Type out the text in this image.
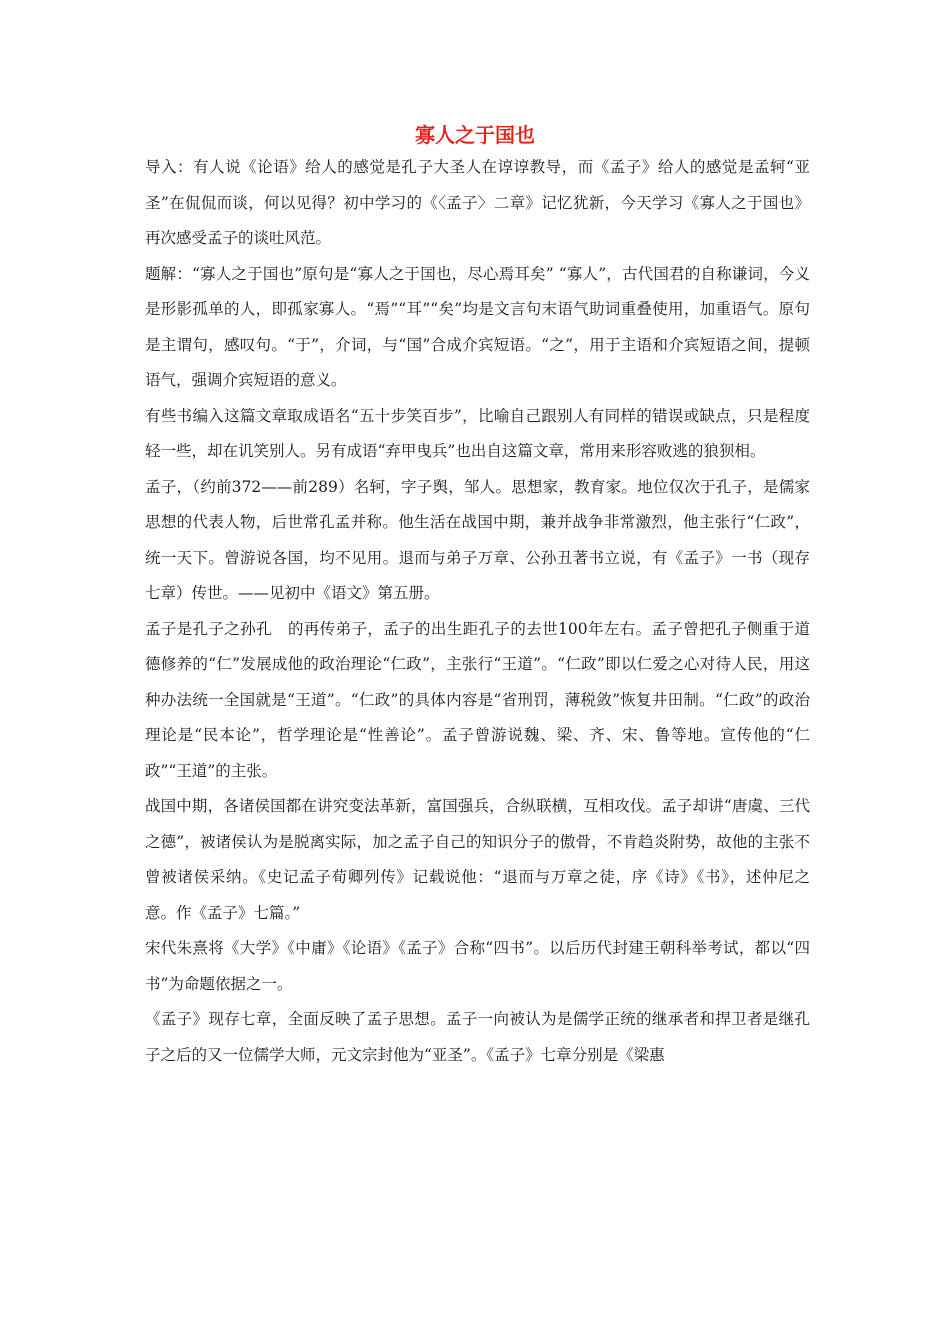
寡人之于国也

导入：有人说《论语》给人的感觉是孔子大圣人在谆谆教导，而《孟子》给人的感觉是孟轲“亚圣”在侃侃而谈，何以见得？初中学习的《〈孟子〉二章》记忆犹新，今天学习《寡人之于国也》再次感受孟子的谈吐风范。

题解：“寡人之于国也”原句是“寡人之于国也，尽心焉耳矣” “寡人”，古代国君的自称谦词，今义是形影孤单的人，即孤家寡人。“焉”“耳”“矣”均是文言句末语气助词重叠使用，加重语气。原句是主谓句，感叹句。“于”，介词，与“国”合成介宾短语。“之”，用于主语和介宾短语之间，提顿语气，强调介宾短语的意义。

有些书编入这篇文章取成语名“五十步笑百步”，比喻自己跟别人有同样的错误或缺点，只是程度轻一些，却在讥笑别人。另有成语“弃甲曳兵”也出自这篇文章，常用来形容败逃的狼狈相。

孟子，（约前372——前289）名轲，字子舆，邹人。思想家，教育家。地位仅次于孔子，是儒家思想的代表人物，后世常孔孟并称。他生活在战国中期，兼并战争非常激烈，他主张行“仁政”，统一天下。曾游说各国，均不见用。退而与弟子万章、公孙丑著书立说，有《孟子》一书（现存七章）传世。——见初中《语文》第五册。

孟子是孔子之孙孔　的再传弟子，孟子的出生距孔子的去世100年左右。孟子曾把孔子侧重于道德修养的“仁”发展成他的政治理论“仁政”，主张行“王道”。“仁政”即以仁爱之心对待人民，用这种办法统一全国就是“王道”。“仁政”的具体内容是“省刑罚，薄税敛”恢复井田制。“仁政”的政治理论是“民本论”，哲学理论是“性善论”。孟子曾游说魏、梁、齐、宋、鲁等地。宣传他的“仁政”“王道”的主张。

战国中期，各诸侯国都在讲究变法革新，富国强兵，合纵联横，互相攻伐。孟子却讲“唐虞、三代之德”，被诸侯认为是脱离实际，加之孟子自己的知识分子的傲骨，不肯趋炎附势，故他的主张不曾被诸侯采纳。《史记孟子荀卿列传》记载说他：“退而与万章之徒，序《诗》《书》，述仲尼之意。作《孟子》七篇。”

宋代朱熹将《大学》《中庸》《论语》《孟子》合称“四书”。以后历代封建王朝科举考试，都以“四书”为命题依据之一。

《孟子》现存七章，全面反映了孟子思想。孟子一向被认为是儒学正统的继承者和捍卫者是继孔子之后的又一位儒学大师，元文宗封他为“亚圣”。《孟子》七章分别是《梁惠
